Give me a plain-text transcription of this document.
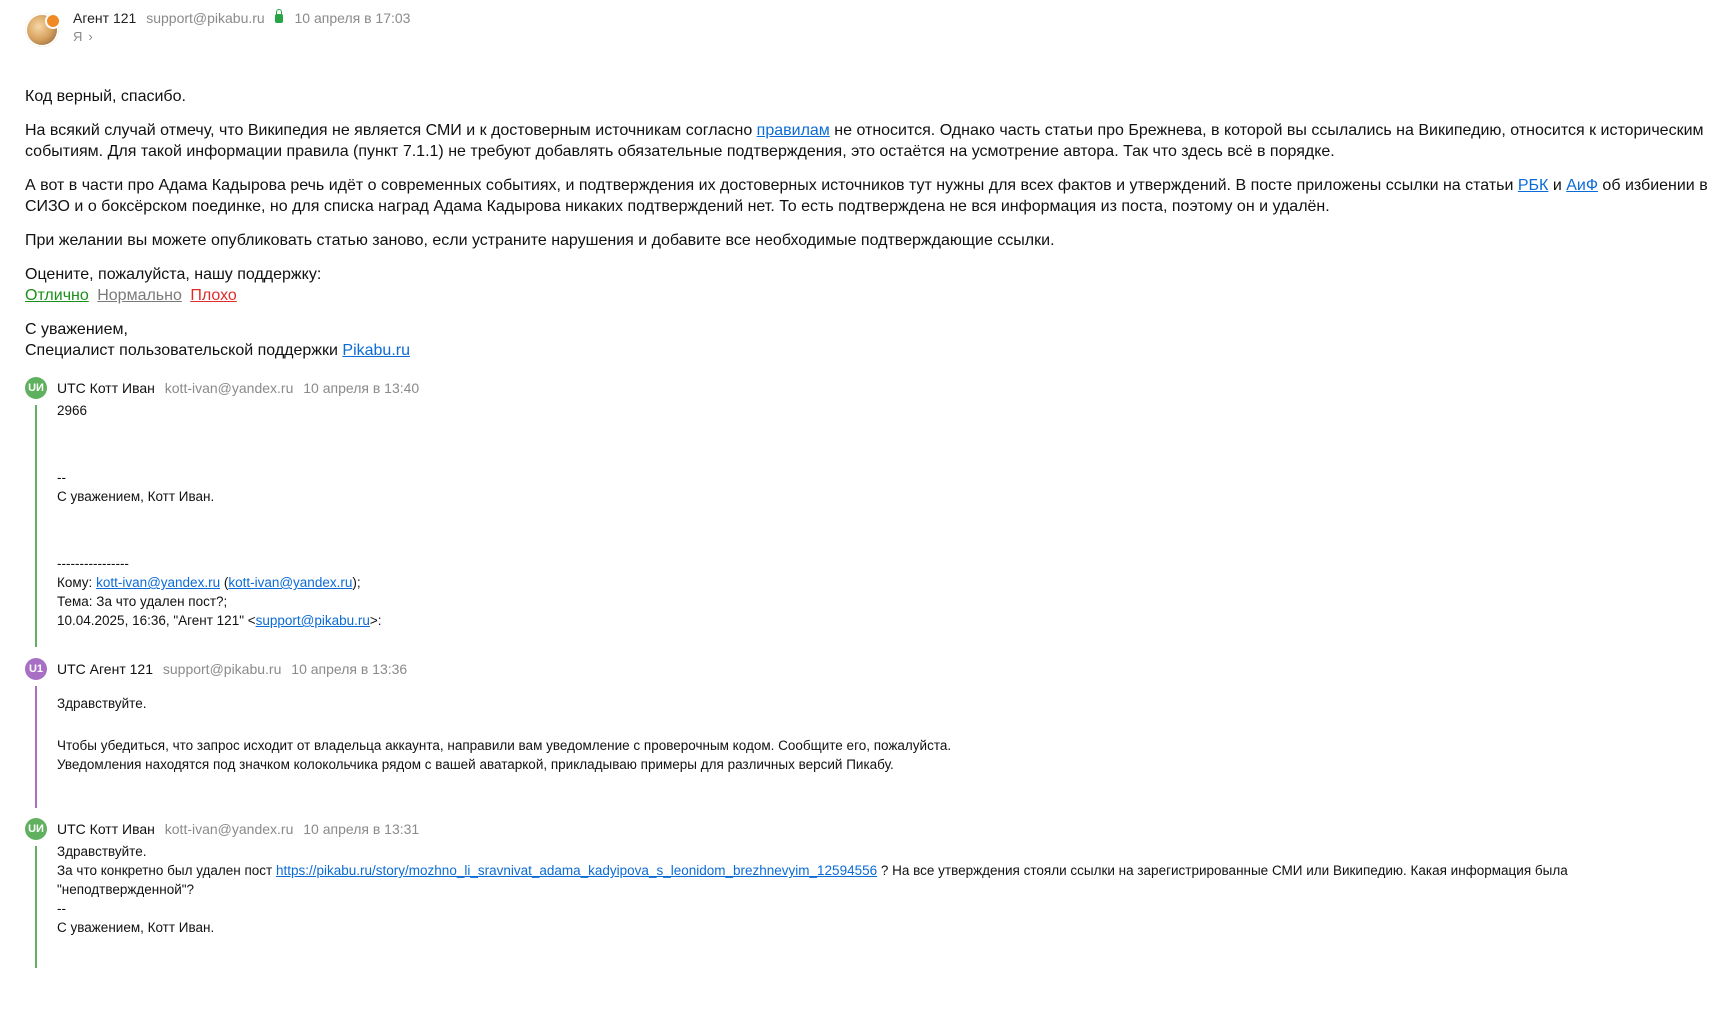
Агент 121 support@pikabu.ru 10 апреля в 17:03
Я ›

Код верный, спасибо.

На всякий случай отмечу, что Википедия не является СМИ и к достоверным источникам согласно правилам не относится. Однако часть статьи про Брежнева, в которой вы ссылались на Википедию, относится к историческим событиям. Для такой информации правила (пункт 7.1.1) не требуют добавлять обязательные подтверждения, это остаётся на усмотрение автора. Так что здесь всё в порядке.

А вот в части про Адама Кадырова речь идёт о современных событиях, и подтверждения их достоверных источников тут нужны для всех фактов и утверждений. В посте приложены ссылки на статьи РБК и АиФ об избиении в СИЗО и о боксёрском поединке, но для списка наград Адама Кадырова никаких подтверждений нет. То есть подтверждена не вся информация из поста, поэтому он и удалён.

При желании вы можете опубликовать статью заново, если устраните нарушения и добавите все необходимые подтверждающие ссылки.

Оцените, пожалуйста, нашу поддержку:
Отлично Нормально Плохо

С уважением,
Специалист пользовательской поддержки Pikabu.ru

UИ UTC Котт Иван kott-ivan@yandex.ru 10 апреля в 13:40
2966
--
С уважением, Котт Иван.
----------------
Кому: kott-ivan@yandex.ru (kott-ivan@yandex.ru);
Тема: За что удален пост?;
10.04.2025, 16:36, "Агент 121" <support@pikabu.ru>:
U1 UTC Агент 121 support@pikabu.ru 10 апреля в 13:36
Здравствуйте.
Чтобы убедиться, что запрос исходит от владельца аккаунта, направили вам уведомление с проверочным кодом. Сообщите его, пожалуйста.
Уведомления находятся под значком колокольчика рядом с вашей аватаркой, прикладываю примеры для различных версий Пикабу.
UИ UTC Котт Иван kott-ivan@yandex.ru 10 апреля в 13:31
Здравствуйте.
За что конкретно был удален пост https://pikabu.ru/story/mozhno_li_sravnivat_adama_kadyipova_s_leonidom_brezhnevyim_12594556 ? На все утверждения стояли ссылки на зарегистрированные СМИ или Википедию. Какая информация была
"неподтвержденной"?
--
С уважением, Котт Иван.
